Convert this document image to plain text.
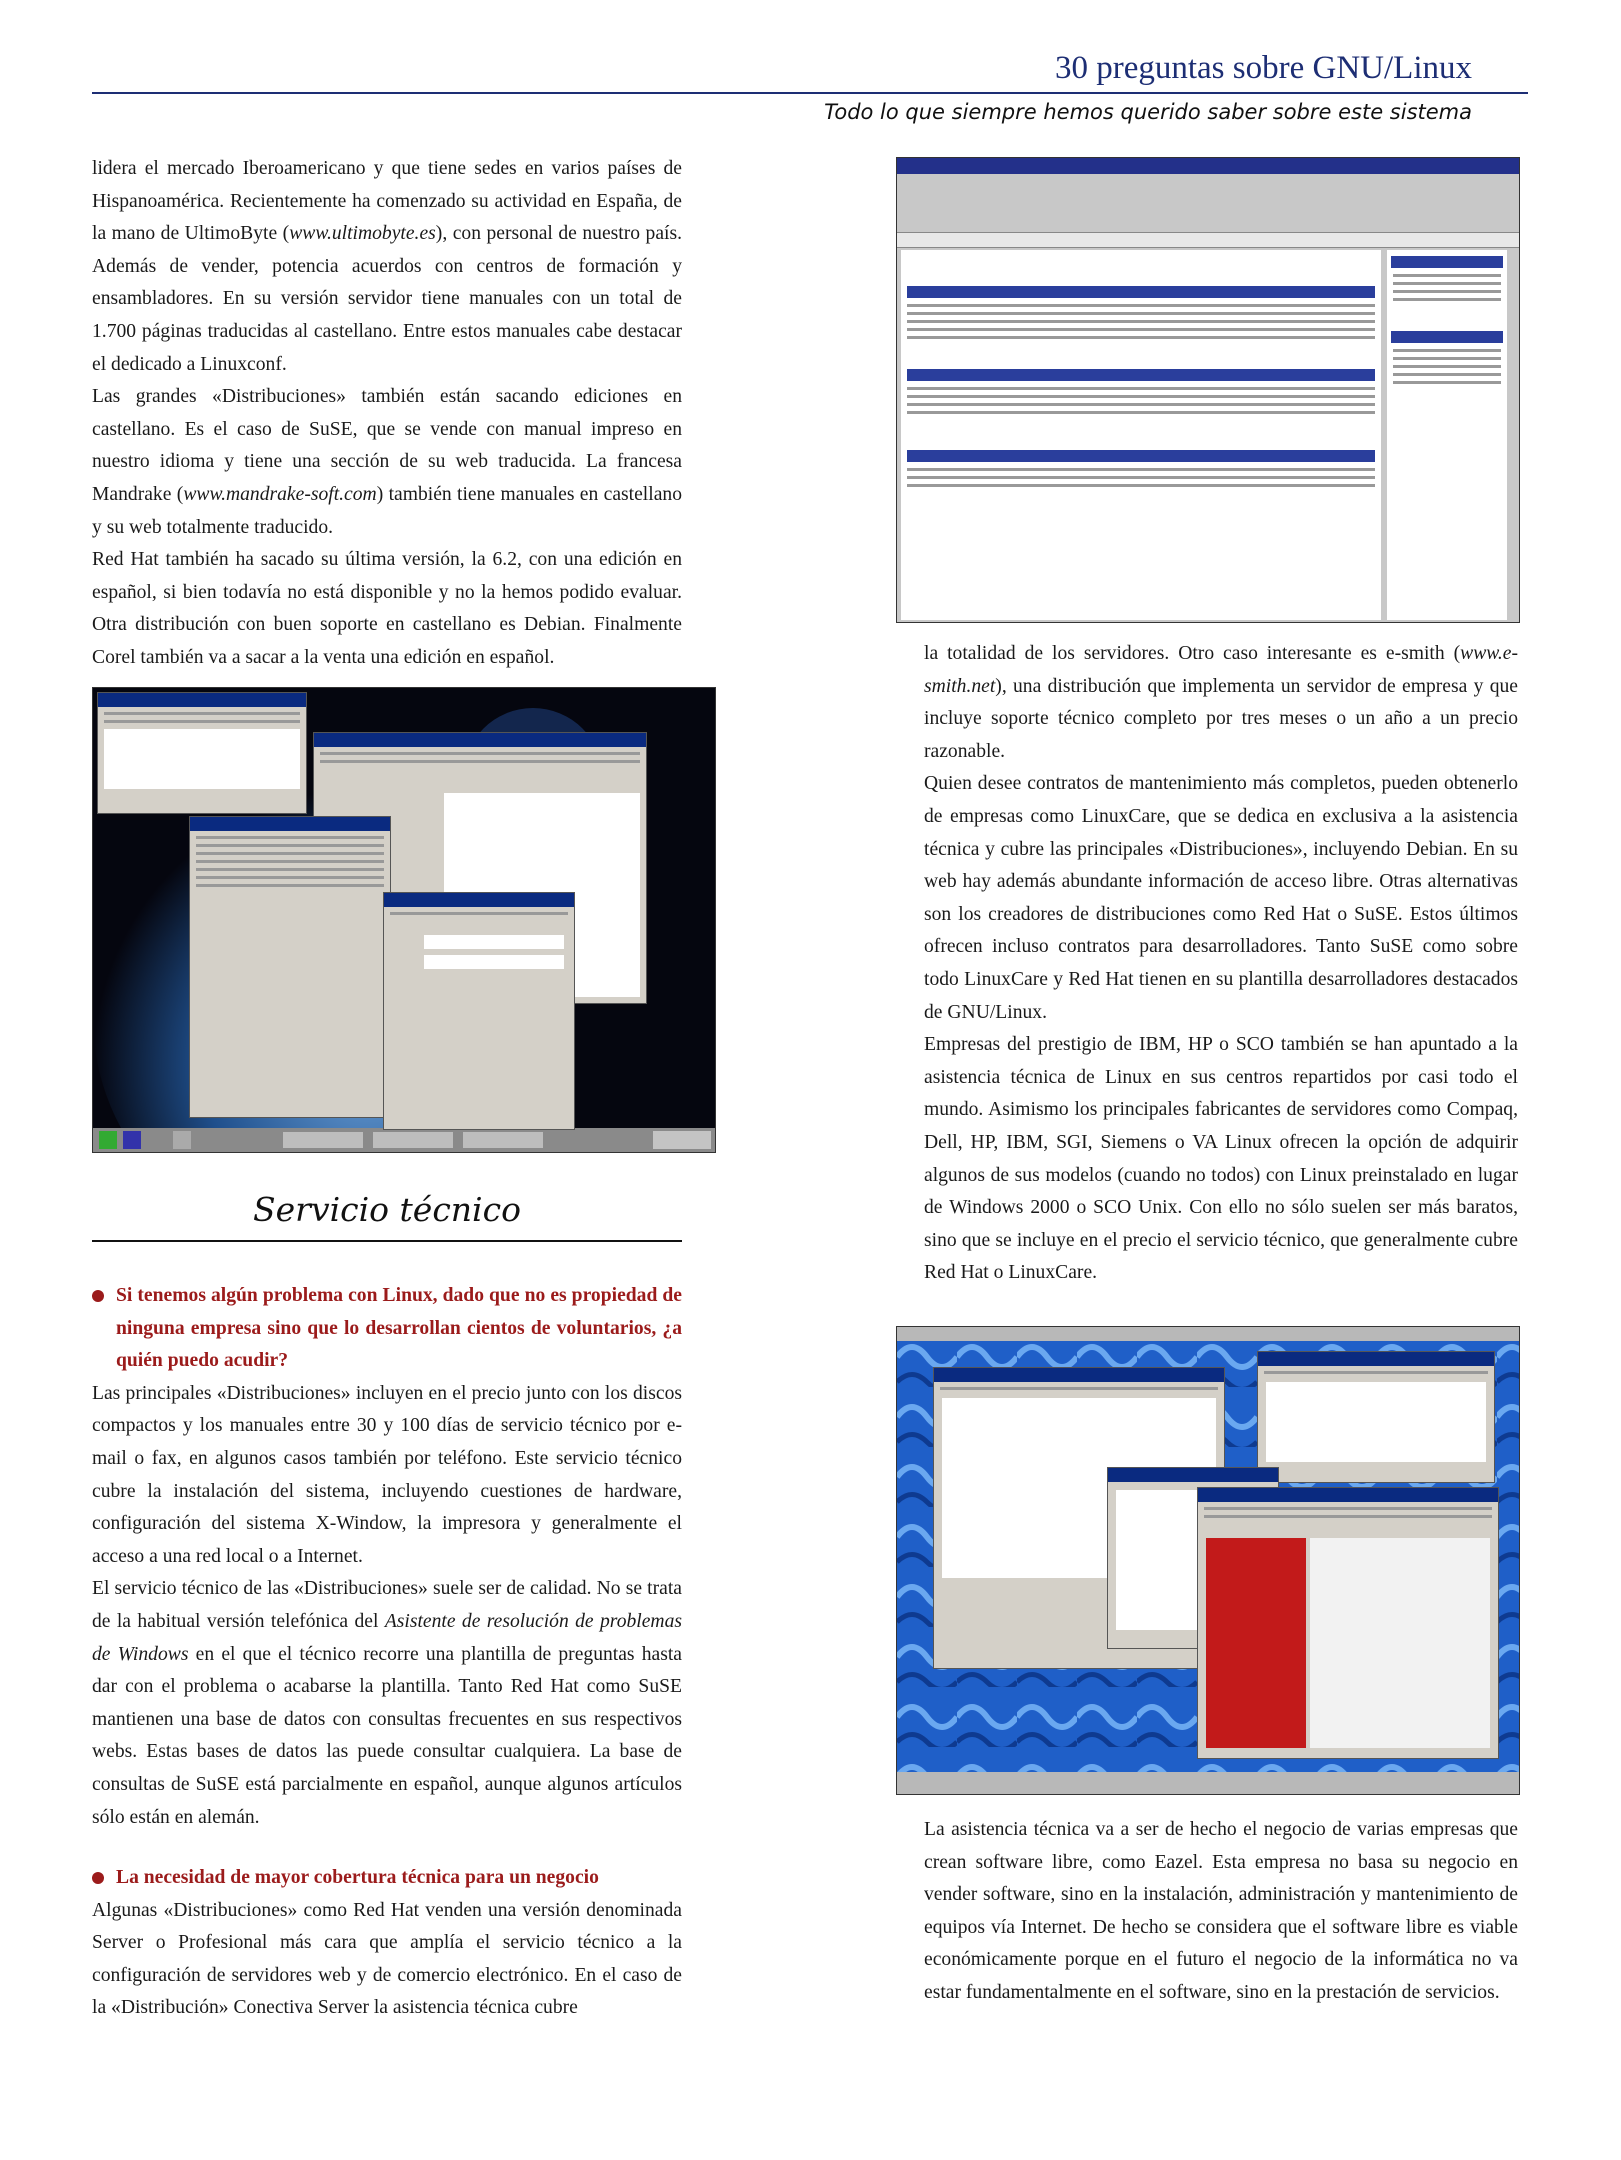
30 preguntas sobre GNU/Linux
Todo lo que siempre hemos querido saber sobre este sistema

lidera el mercado Iberoamericano y que tiene sedes en varios países de Hispanoamérica. Recientemente ha comenzado su actividad en España, de la mano de UltimoByte (www.ultimobyte.es), con personal de nuestro país. Además de vender, potencia acuerdos con centros de formación y ensambladores. En su versión servidor tiene manuales con un total de 1.700 páginas traducidas al castellano. Entre estos manuales cabe destacar el dedicado a Linuxconf.

Las grandes «Distribuciones» también están sacando ediciones en castellano. Es el caso de SuSE, que se vende con manual impreso en nuestro idioma y tiene una sección de su web traducida. La francesa Mandrake (www.mandrake-soft.com) también tiene manuales en castellano y su web totalmente traducido.

Red Hat también ha sacado su última versión, la 6.2, con una edición en español, si bien todavía no está disponible y no la hemos podido evaluar. Otra distribución con buen soporte en castellano es Debian. Finalmente Corel también va a sacar a la venta una edición en español.

Servicio técnico

Si tenemos algún problema con Linux, dado que no es propiedad de ninguna empresa sino que lo desarrollan cientos de voluntarios, ¿a quién puedo acudir?

Las principales «Distribuciones» incluyen en el precio junto con los discos compactos y los manuales entre 30 y 100 días de servicio técnico por e-mail o fax, en algunos casos también por teléfono. Este servicio técnico cubre la instalación del sistema, incluyendo cuestiones de hardware, configuración del sistema X-Window, la impresora y generalmente el acceso a una red local o a Internet.

El servicio técnico de las «Distribuciones» suele ser de calidad. No se trata de la habitual versión telefónica del Asistente de resolución de problemas de Windows en el que el técnico recorre una plantilla de preguntas hasta dar con el problema o acabarse la plantilla. Tanto Red Hat como SuSE mantienen una base de datos con consultas frecuentes en sus respectivos webs. Estas bases de datos las puede consultar cualquiera. La base de consultas de SuSE está parcialmente en español, aunque algunos artículos sólo están en alemán.

La necesidad de mayor cobertura técnica para un negocio

Algunas «Distribuciones» como Red Hat venden una versión denominada Server o Profesional más cara que amplía el servicio técnico a la configuración de servidores web y de comercio electrónico. En el caso de la «Distribución» Conectiva Server la asistencia técnica cubre

la totalidad de los servidores. Otro caso interesante es e-smith (www.e-smith.net), una distribución que implementa un servidor de empresa y que incluye soporte técnico completo por tres meses o un año a un precio razonable.

Quien desee contratos de mantenimiento más completos, pueden obtenerlo de empresas como LinuxCare, que se dedica en exclusiva a la asistencia técnica y cubre las principales «Distribuciones», incluyendo Debian. En su web hay además abundante información de acceso libre. Otras alternativas son los creadores de distribuciones como Red Hat o SuSE. Estos últimos ofrecen incluso contratos para desarrolladores. Tanto SuSE como sobre todo LinuxCare y Red Hat tienen en su plantilla desarrolladores destacados de GNU/Linux.

Empresas del prestigio de IBM, HP o SCO también se han apuntado a la asistencia técnica de Linux en sus centros repartidos por casi todo el mundo. Asimismo los principales fabricantes de servidores como Compaq, Dell, HP, IBM, SGI, Siemens o VA Linux ofrecen la opción de adquirir algunos de sus modelos (cuando no todos) con Linux preinstalado en lugar de Windows 2000 o SCO Unix. Con ello no sólo suelen ser más baratos, sino que se incluye en el precio el servicio técnico, que generalmente cubre Red Hat o LinuxCare.

La asistencia técnica va a ser de hecho el negocio de varias empresas que crean software libre, como Eazel. Esta empresa no basa su negocio en vender software, sino en la instalación, administración y mantenimiento de equipos vía Internet. De hecho se considera que el software libre es viable económicamente porque en el futuro el negocio de la informática no va estar fundamentalmente en el software, sino en la prestación de servicios.
